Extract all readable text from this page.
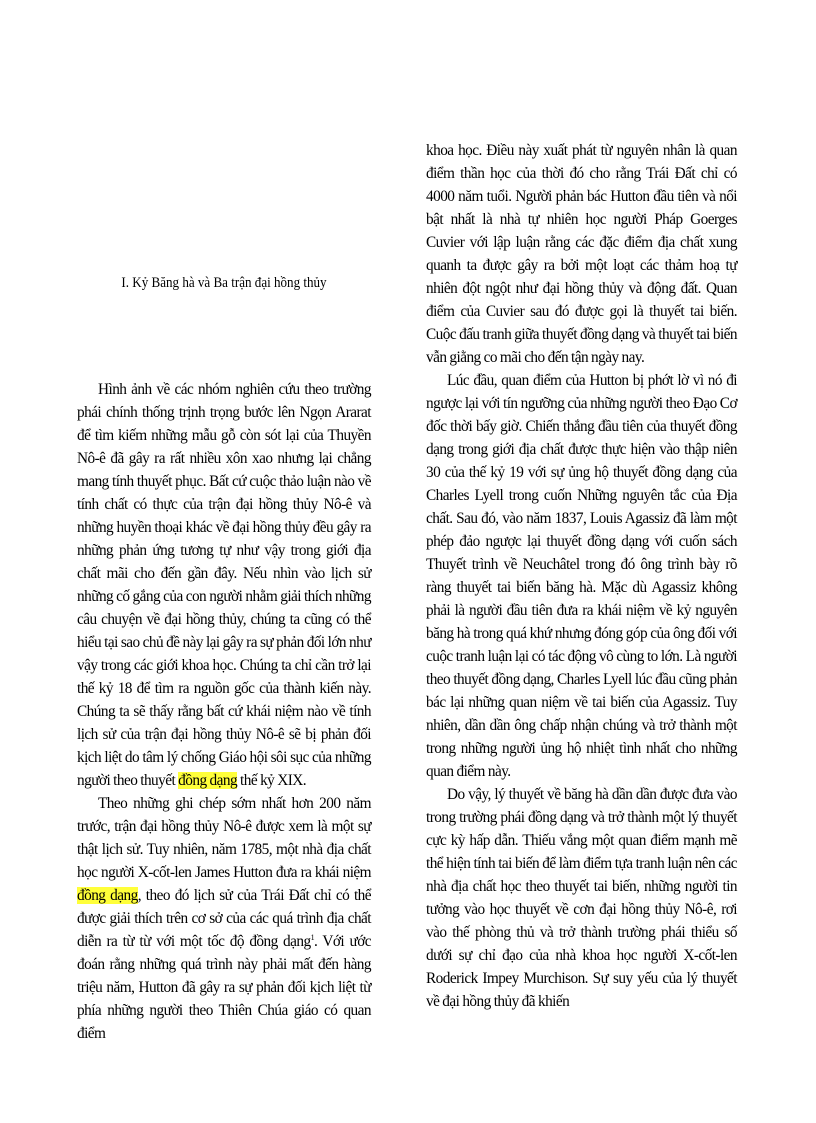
I. Kỷ Băng hà và Ba trận đại hồng thủy

Hình ảnh về các nhóm nghiên cứu theo trường phái chính thống trịnh trọng bước lên Ngọn Ararat để tìm kiếm những mẫu gỗ còn sót lại của Thuyền Nô-ê đã gây ra rất nhiều xôn xao nhưng lại chẳng mang tính thuyết phục. Bất cứ cuộc thảo luận nào về tính chất có thực của trận đại hồng thủy Nô-ê và những huyền thoại khác về đại hồng thủy đều gây ra những phản ứng tương tự như vậy trong giới địa chất mãi cho đến gần đây. Nếu nhìn vào lịch sử những cố gắng của con người nhằm giải thích những câu chuyện về đại hồng thủy, chúng ta cũng có thể hiểu tại sao chủ đề này lại gây ra sự phản đối lớn như vậy trong các giới khoa học. Chúng ta chỉ cần trở lại thế kỷ 18 để tìm ra nguồn gốc của thành kiến này. Chúng ta sẽ thấy rằng bất cứ khái niệm nào về tính lịch sử của trận đại hồng thủy Nô-ê sẽ bị phản đối kịch liệt do tâm lý chống Giáo hội sôi sục của những người theo thuyết đồng dạng thế kỷ XIX.

Theo những ghi chép sớm nhất hơn 200 năm trước, trận đại hồng thủy Nô-ê được xem là một sự thật lịch sử. Tuy nhiên, năm 1785, một nhà địa chất học người X-cốt-len James Hutton đưa ra khái niệm đồng dạng, theo đó lịch sử của Trái Đất chỉ có thể được giải thích trên cơ sở của các quá trình địa chất diễn ra từ từ với một tốc độ đồng dạng$^1$. Với ước đoán rằng những quá trình này phải mất đến hàng triệu năm, Hutton đã gây ra sự phản đối kịch liệt từ phía những người theo Thiên Chúa giáo có quan điểm

khoa học. Điều này xuất phát từ nguyên nhân là quan điểm thần học của thời đó cho rằng Trái Đất chỉ có 4000 năm tuổi. Người phản bác Hutton đầu tiên và nổi bật nhất là nhà tự nhiên học người Pháp Goerges Cuvier với lập luận rằng các đặc điểm địa chất xung quanh ta được gây ra bởi một loạt các thảm hoạ tự nhiên đột ngột như đại hồng thủy và động đất. Quan điểm của Cuvier sau đó được gọi là thuyết tai biến. Cuộc đấu tranh giữa thuyết đồng dạng và thuyết tai biến vẫn giằng co mãi cho đến tận ngày nay.

Lúc đầu, quan điểm của Hutton bị phớt lờ vì nó đi ngược lại với tín ngưỡng của những người theo Đạo Cơ đốc thời bấy giờ. Chiến thắng đầu tiên của thuyết đồng dạng trong giới địa chất được thực hiện vào thập niên 30 của thế kỷ 19 với sự ủng hộ thuyết đồng dạng của Charles Lyell trong cuốn Những nguyên tắc của Địa chất. Sau đó, vào năm 1837, Louis Agassiz đã làm một phép đảo ngược lại thuyết đồng dạng với cuốn sách Thuyết trình về Neuchâtel trong đó ông trình bày rõ ràng thuyết tai biến băng hà. Mặc dù Agassiz không phải là người đầu tiên đưa ra khái niệm về kỷ nguyên băng hà trong quá khứ nhưng đóng góp của ông đối với cuộc tranh luận lại có tác động vô cùng to lớn. Là người theo thuyết đồng dạng, Charles Lyell lúc đầu cũng phản bác lại những quan niệm về tai biến của Agassiz. Tuy nhiên, dần dần ông chấp nhận chúng và trở thành một trong những người ủng hộ nhiệt tình nhất cho những quan điểm này.

Do vậy, lý thuyết về băng hà dần dần được đưa vào trong trường phái đồng dạng và trở thành một lý thuyết cực kỳ hấp dẫn. Thiếu vắng một quan điểm mạnh mẽ thể hiện tính tai biến để làm điểm tựa tranh luận nên các nhà địa chất học theo thuyết tai biến, những người tin tưởng vào học thuyết về cơn đại hồng thủy Nô-ê, rơi vào thế phòng thủ và trở thành trường phái thiểu số dưới sự chỉ đạo của nhà khoa học người X-cốt-len Roderick Impey Murchison. Sự suy yếu của lý thuyết về đại hồng thủy đã khiến
